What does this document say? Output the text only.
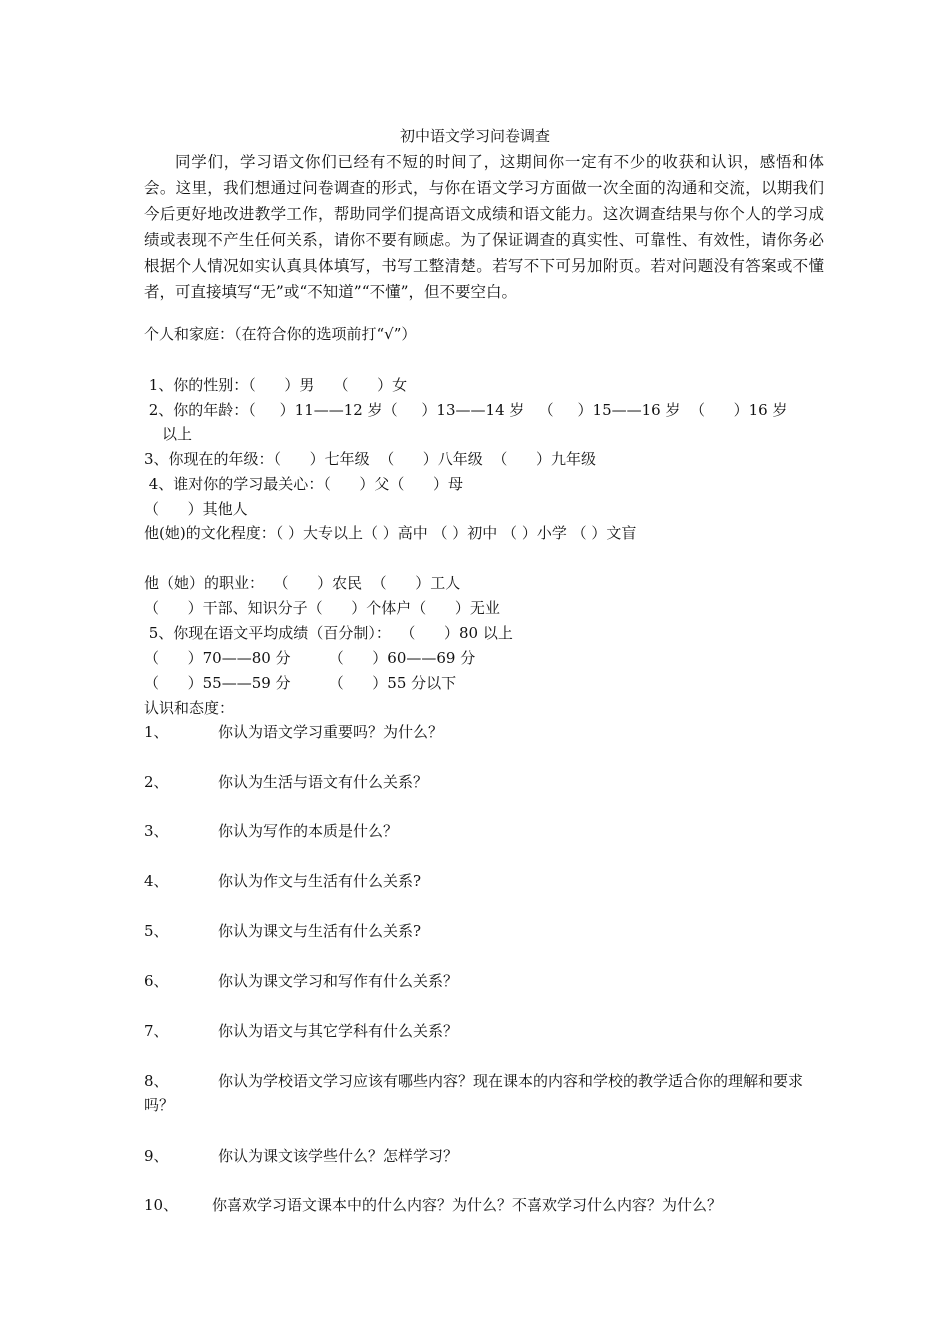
初中语文学习问卷调查
同学们，学习语文你们已经有不短的时间了，这期间你一定有不少的收获和认识，感悟和体会。这里，我们想通过问卷调查的形式，与你在语文学习方面做一次全面的沟通和交流，以期我们今后更好地改进教学工作，帮助同学们提高语文成绩和语文能力。这次调查结果与你个人的学习成绩或表现不产生任何关系，请你不要有顾虑。为了保证调查的真实性、可靠性、有效性，请你务必根据个人情况如实认真具体填写，书写工整清楚。若写不下可另加附页。若对问题没有答案或不懂者，可直接填写“无”或“不知道”“不懂”，但不要空白。
个人和家庭：（在符合你的选项前打“√”）
1、你的性别：（      ）男    （      ）女
2、你的年龄：（     ）11——12 岁（     ）13——14 岁   （     ）15——16 岁  （      ）16 岁
以上
3、你现在的年级：（      ）七年级  （      ）八年级  （      ）九年级
4、谁对你的学习最关心：（      ）父（      ）母
（      ）其他人
他(她)的文化程度：（ ）大专以上（ ）高中 （ ）初中 （ ）小学 （ ）文盲
他（她）的职业：  （      ）农民  （      ）工人
（      ）干部、知识分子（      ）个体户（      ）无业
5、你现在语文平均成绩（百分制）：  （      ）80 以上
（      ）70——80 分        （      ）60——69 分
（      ）55——59 分        （      ）55 分以下
认识和态度：
1、	你认为语文学习重要吗？为什么？
2、	你认为生活与语文有什么关系？
3、	你认为写作的本质是什么？
4、	你认为作文与生活有什么关系?
5、	你认为课文与生活有什么关系?
6、	你认为课文学习和写作有什么关系？
7、	你认为语文与其它学科有什么关系？
8、	你认为学校语文学习应该有哪些内容？现在课本的内容和学校的教学适合你的理解和要求吗？
9、	你认为课文该学些什么？怎样学习？
10、 你喜欢学习语文课本中的什么内容？为什么？不喜欢学习什么内容？为什么？
